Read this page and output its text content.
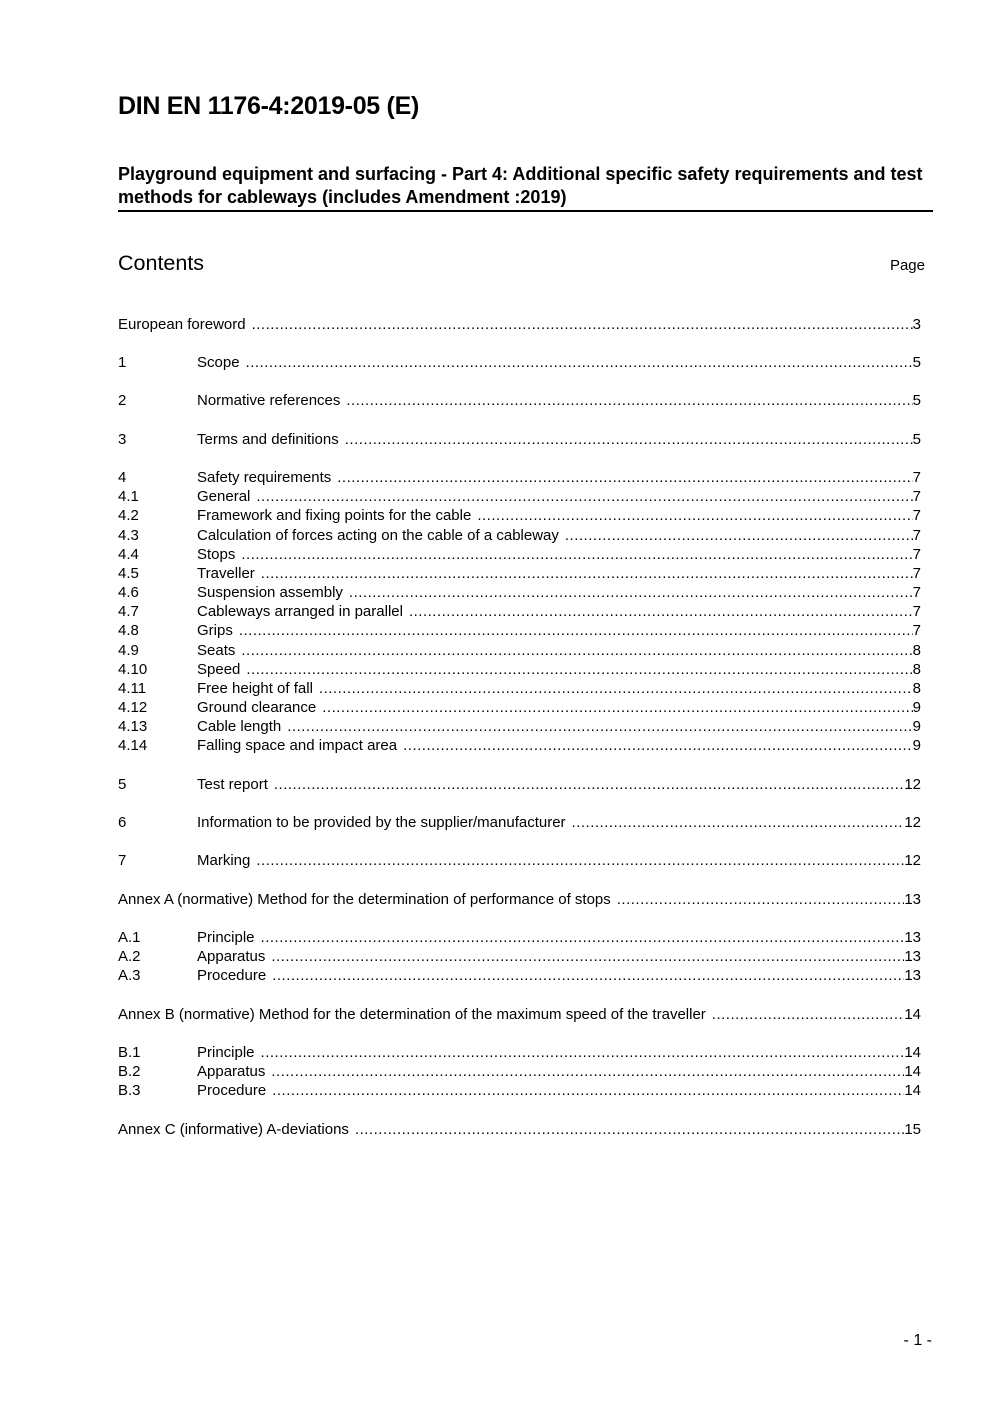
DIN EN 1176-4:2019-05 (E)
Playground equipment and surfacing - Part 4: Additional specific safety requirements and test methods for cableways (includes Amendment :2019)
Contents	Page
European foreword .....	3
1	Scope .....	5
2	Normative references .....	5
3	Terms and definitions .....	5
4	Safety requirements .....	7
4.1	General .....	7
4.2	Framework and fixing points for the cable .....	7
4.3	Calculation of forces acting on the cable of a cableway .....	7
4.4	Stops .....	7
4.5	Traveller .....	7
4.6	Suspension assembly .....	7
4.7	Cableways arranged in parallel .....	7
4.8	Grips .....	7
4.9	Seats .....	8
4.10	Speed .....	8
4.11	Free height of fall .....	8
4.12	Ground clearance .....	9
4.13	Cable length .....	9
4.14	Falling space and impact area .....	9
5	Test report .....	12
6	Information to be provided by the supplier/manufacturer .....	12
7	Marking .....	12
Annex A (normative) Method for the determination of performance of stops .....	13
A.1	Principle .....	13
A.2	Apparatus .....	13
A.3	Procedure .....	13
Annex B (normative) Method for the determination of the maximum speed of the traveller .....	14
B.1	Principle .....	14
B.2	Apparatus .....	14
B.3	Procedure .....	14
Annex C (informative) A-deviations .....	15
- 1 -
